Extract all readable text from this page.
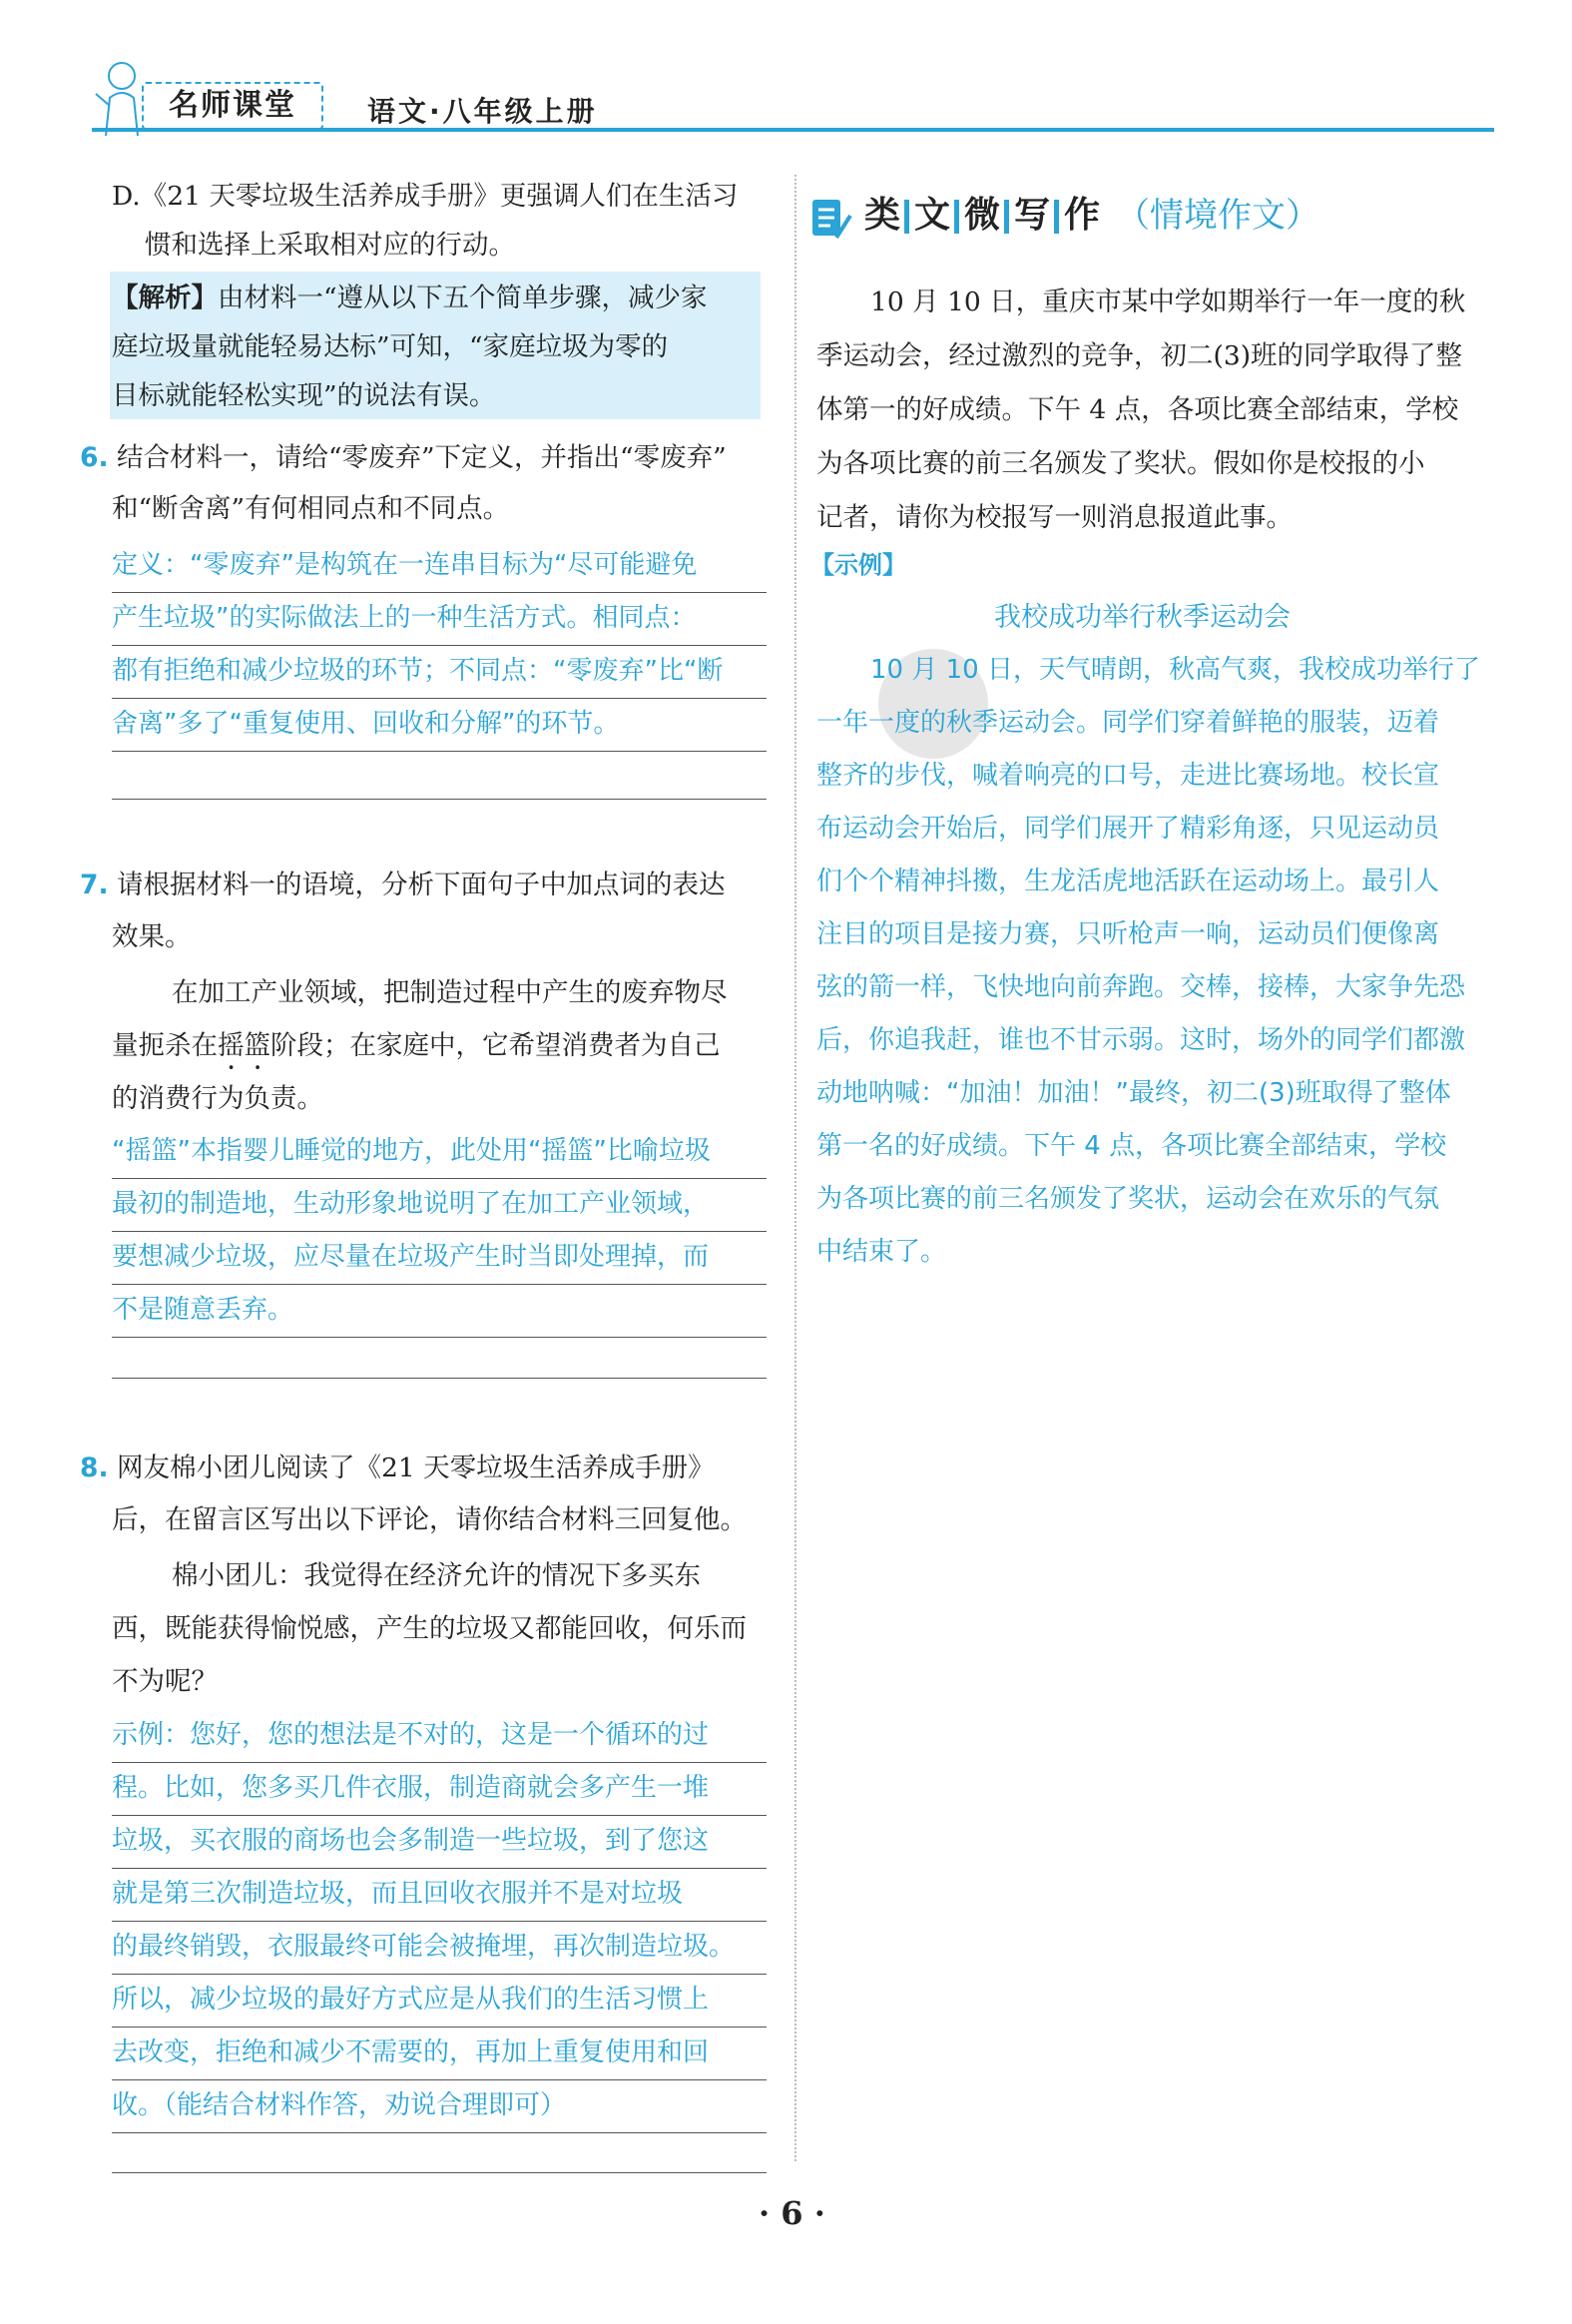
名师课堂	语文·八年级上册
D.《21 天零垃圾生活养成手册》更强调人们在生活习
惯和选择上采取相对应的行动。
【解析】由材料一“遵从以下五个简单步骤，减少家
庭垃圾量就能轻易达标”可知，“家庭垃圾为零的
目标就能轻松实现”的说法有误。
6. 结合材料一，请给“零废弃”下定义，并指出“零废弃”
和“断舍离”有何相同点和不同点。
定义：“零废弃”是构筑在一连串目标为“尽可能避免
产生垃圾”的实际做法上的一种生活方式。相同点：
都有拒绝和减少垃圾的环节；不同点：“零废弃”比“断
舍离”多了“重复使用、回收和分解”的环节。
7. 请根据材料一的语境，分析下面句子中加点词的表达
效果。
在加工产业领域，把制造过程中产生的废弃物尽
量扼杀在摇篮阶段；在家庭中，它希望消费者为自己
的消费行为负责。
“摇篮”本指婴儿睡觉的地方，此处用“摇篮”比喻垃圾
最初的制造地，生动形象地说明了在加工产业领域，
要想减少垃圾，应尽量在垃圾产生时当即处理掉，而
不是随意丢弃。
8. 网友棉小团儿阅读了《21 天零垃圾生活养成手册》
后，在留言区写出以下评论，请你结合材料三回复他。
棉小团儿：我觉得在经济允许的情况下多买东
西，既能获得愉悦感，产生的垃圾又都能回收，何乐而
不为呢？
示例：您好，您的想法是不对的，这是一个循环的过
程。比如，您多买几件衣服，制造商就会多产生一堆
垃圾，买衣服的商场也会多制造一些垃圾，到了您这
就是第三次制造垃圾，而且回收衣服并不是对垃圾
的最终销毁，衣服最终可能会被掩埋，再次制造垃圾。
所以，减少垃圾的最好方式应是从我们的生活习惯上
去改变，拒绝和减少不需要的，再加上重复使用和回
收。（能结合材料作答，劝说合理即可）
类 文 微 写 作 （情境作文）
10 月 10 日，重庆市某中学如期举行一年一度的秋
季运动会，经过激烈的竞争，初二(3)班的同学取得了整
体第一的好成绩。下午 4 点，各项比赛全部结束，学校
为各项比赛的前三名颁发了奖状。假如你是校报的小
记者，请你为校报写一则消息报道此事。
【示例】
我校成功举行秋季运动会
10 月 10 日，天气晴朗，秋高气爽，我校成功举行了
一年一度的秋季运动会。同学们穿着鲜艳的服装，迈着
整齐的步伐，喊着响亮的口号，走进比赛场地。校长宣
布运动会开始后，同学们展开了精彩角逐，只见运动员
们个个精神抖擞，生龙活虎地活跃在运动场上。最引人
注目的项目是接力赛，只听枪声一响，运动员们便像离
弦的箭一样，飞快地向前奔跑。交棒，接棒，大家争先恐
后，你追我赶，谁也不甘示弱。这时，场外的同学们都激
动地呐喊：“加油！加油！”最终，初二(3)班取得了整体
第一名的好成绩。下午 4 点，各项比赛全部结束，学校
为各项比赛的前三名颁发了奖状，运动会在欢乐的气氛
中结束了。
· 6 ·
